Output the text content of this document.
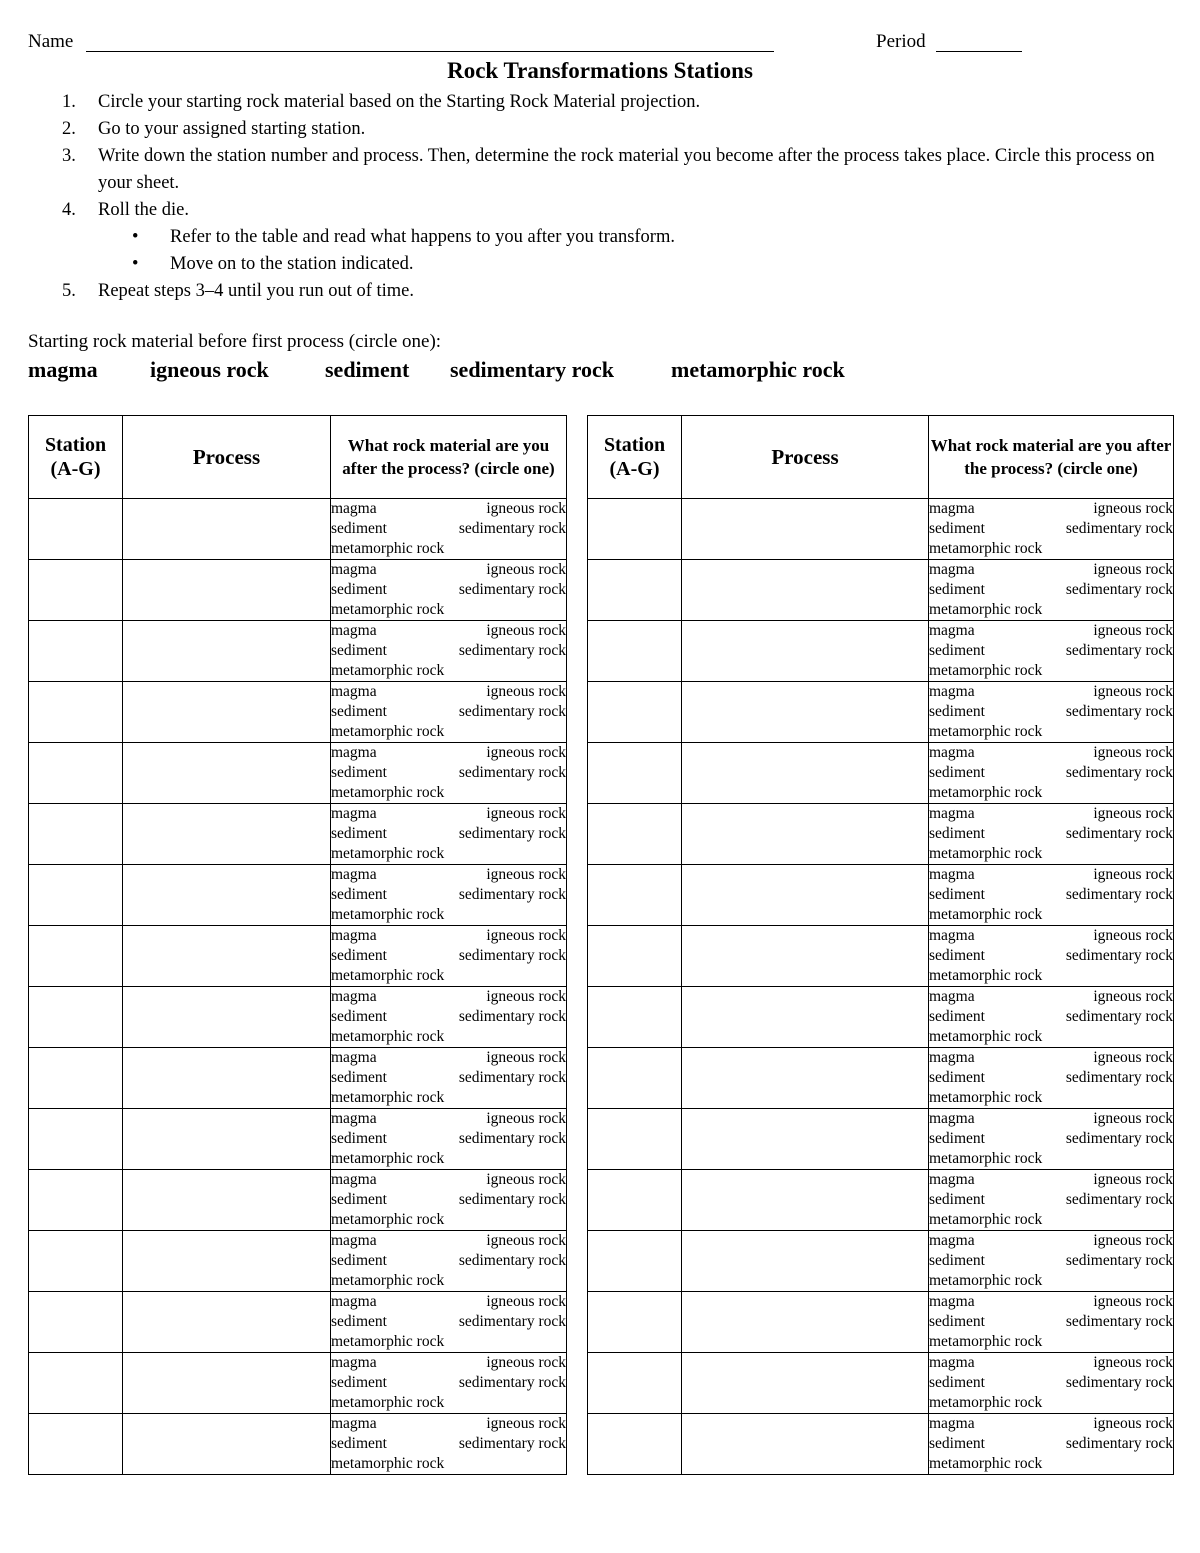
Name	Period
Rock Transformations Stations
1. Circle your starting rock material based on the Starting Rock Material projection.
2. Go to your assigned starting station.
3. Write down the station number and process. Then, determine the rock material you become after the process takes place. Circle this process on your sheet.
4. Roll the die.
• Refer to the table and read what happens to you after you transform.
• Move on to the station indicated.
5. Repeat steps 3–4 until you run out of time.
Starting rock material before first process (circle one):
magma igneous rock	sediment sedimentary rock	metamorphic rock
Station (A-G)	Process	What rock material are you after the process? (circle one)

		magma igneous rock
sediment sedimentary rock
metamorphic rock

		magma igneous rock
sediment sedimentary rock
metamorphic rock

		magma igneous rock
sediment sedimentary rock
metamorphic rock

		magma igneous rock
sediment sedimentary rock
metamorphic rock

		magma igneous rock
sediment sedimentary rock
metamorphic rock

		magma igneous rock
sediment sedimentary rock
metamorphic rock

		magma igneous rock
sediment sedimentary rock
metamorphic rock

		magma igneous rock
sediment sedimentary rock
metamorphic rock

		magma igneous rock
sediment sedimentary rock
metamorphic rock

		magma igneous rock
sediment sedimentary rock
metamorphic rock

		magma igneous rock
sediment sedimentary rock
metamorphic rock

		magma igneous rock
sediment sedimentary rock
metamorphic rock

		magma igneous rock
sediment sedimentary rock
metamorphic rock

		magma igneous rock
sediment sedimentary rock
metamorphic rock

		magma igneous rock
sediment sedimentary rock
metamorphic rock

		magma igneous rock
sediment sedimentary rock
metamorphic rock
Station (A-G)	Process	What rock material are you after the process? (circle one)

		magma igneous rock
sediment sedimentary rock
metamorphic rock

		magma igneous rock
sediment sedimentary rock
metamorphic rock

		magma igneous rock
sediment sedimentary rock
metamorphic rock

		magma igneous rock
sediment sedimentary rock
metamorphic rock

		magma igneous rock
sediment sedimentary rock
metamorphic rock

		magma igneous rock
sediment sedimentary rock
metamorphic rock

		magma igneous rock
sediment sedimentary rock
metamorphic rock

		magma igneous rock
sediment sedimentary rock
metamorphic rock

		magma igneous rock
sediment sedimentary rock
metamorphic rock

		magma igneous rock
sediment sedimentary rock
metamorphic rock

		magma igneous rock
sediment sedimentary rock
metamorphic rock

		magma igneous rock
sediment sedimentary rock
metamorphic rock

		magma igneous rock
sediment sedimentary rock
metamorphic rock

		magma igneous rock
sediment sedimentary rock
metamorphic rock

		magma igneous rock
sediment sedimentary rock
metamorphic rock

		magma igneous rock
sediment sedimentary rock
metamorphic rock
